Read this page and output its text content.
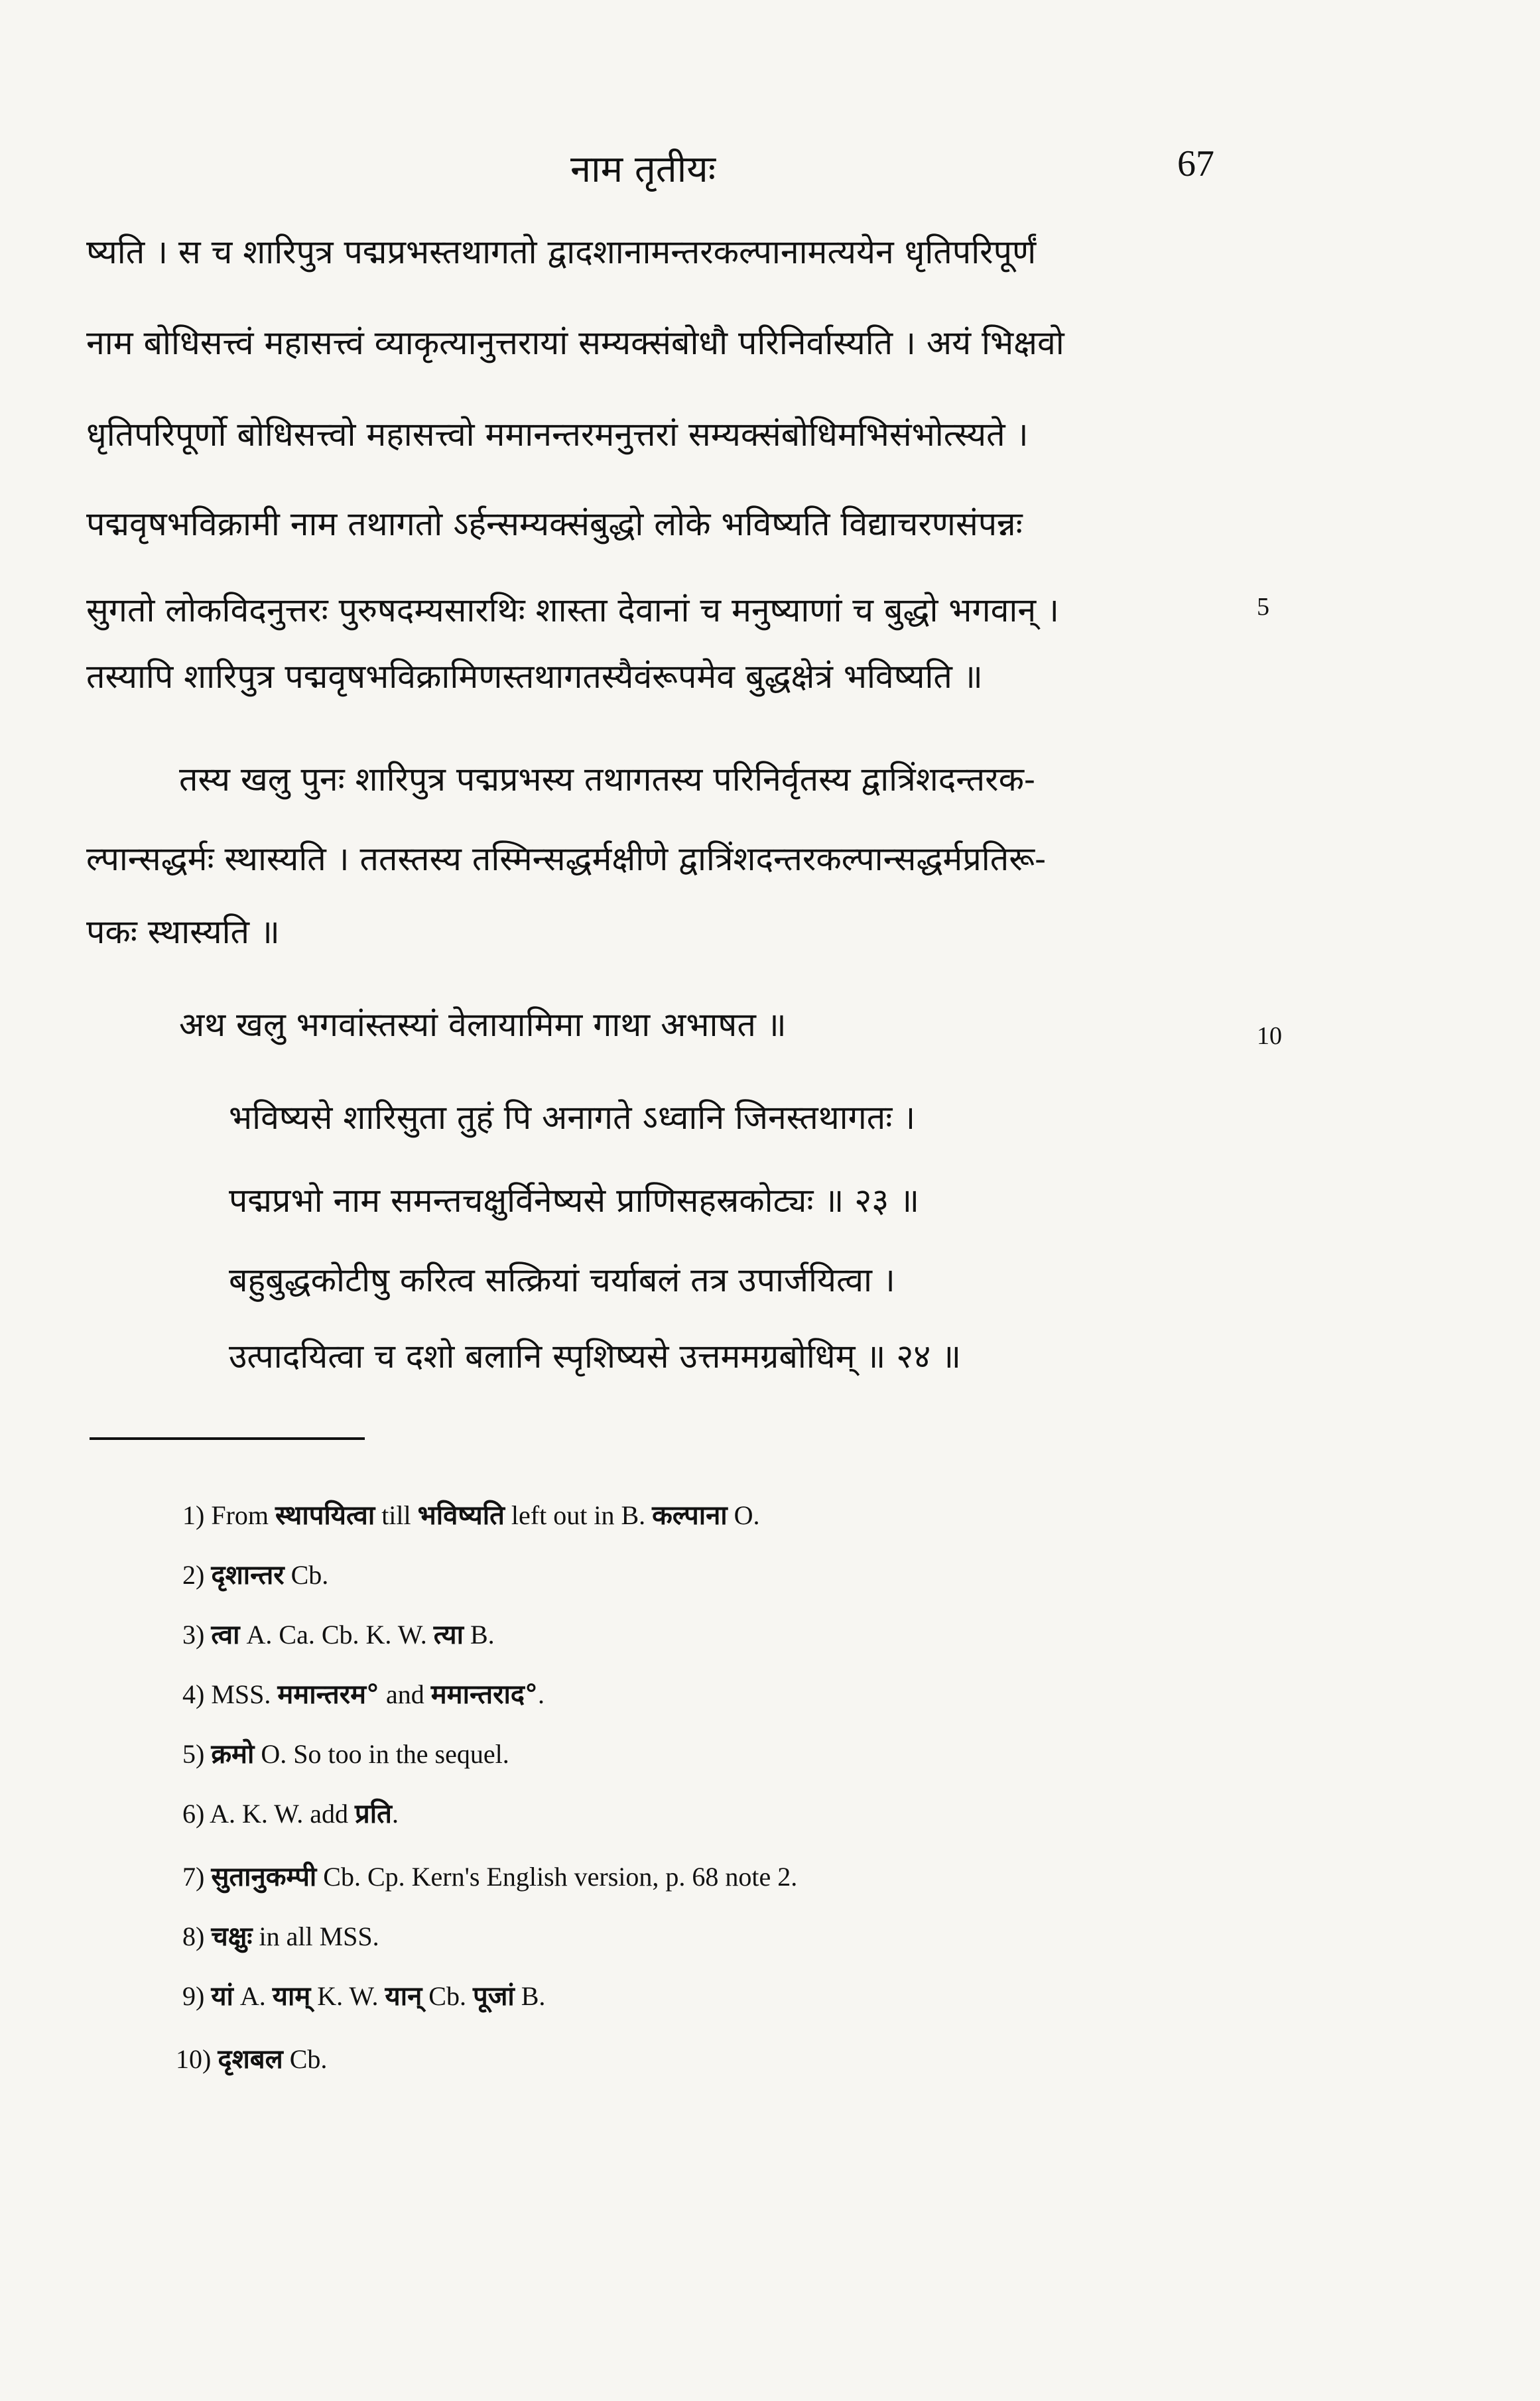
नाम तृतीयः	67
ष्यति । स च शारिपुत्र पद्मप्रभस्तथागतो द्वादशानामन्तरकल्पानामत्ययेन धृतिपरिपूर्णं
नाम बोधिसत्त्वं महासत्त्वं व्याकृत्यानुत्तरायां सम्यक्संबोधौ परिनिर्वास्यति । अयं भिक्षवो
धृतिपरिपूर्णो बोधिसत्त्वो महासत्त्वो ममानन्तरमनुत्तरां सम्यक्संबोधिमभिसंभोत्स्यते ।
पद्मवृषभविक्रामी नाम तथागतो ऽर्हन्सम्यक्संबुद्धो लोके भविष्यति विद्याचरणसंपन्नः
सुगतो लोकविदनुत्तरः पुरुषदम्यसारथिः शास्ता देवानां च मनुष्याणां च बुद्धो भगवान् ।	5
तस्यापि शारिपुत्र पद्मवृषभविक्रामिणस्तथागतस्यैवंरूपमेव बुद्धक्षेत्रं भविष्यति ॥
तस्य खलु पुनः शारिपुत्र पद्मप्रभस्य तथागतस्य परिनिर्वृतस्य द्वात्रिंशदन्तरक-
ल्पान्सद्धर्मः स्थास्यति । ततस्तस्य तस्मिन्सद्धर्मक्षीणे द्वात्रिंशदन्तरकल्पान्सद्धर्मप्रतिरू-
पकः स्थास्यति ॥
अथ खलु भगवांस्तस्यां वेलायामिमा गाथा अभाषत ॥	10
भविष्यसे शारिसुता तुहं पि अनागते ऽध्वानि जिनस्तथागतः ।
पद्मप्रभो नाम समन्तचक्षुर्विनेष्यसे प्राणिसहस्रकोट्यः ॥ २३ ॥
बहुबुद्धकोटीषु करित्व सत्क्रियां चर्याबलं तत्र उपार्जयित्वा ।
उत्पादयित्वा च दशो बलानि स्पृशिष्यसे उत्तममग्रबोधिम् ॥ २४ ॥
1) From स्थापयित्वा till भविष्यति left out in B. कल्पाना O.
2) दृशान्तर Cb.
3) त्वा A. Ca. Cb. K. W. त्या B.
4) MSS. ममान्तरम° and ममान्तराद°.
5) क्रमो O. So too in the sequel.
6) A. K. W. add प्रति.
7) सुतानुकम्पी Cb. Cp. Kern's English version, p. 68 note 2.
8) चक्षुः in all MSS.
9) यां A. याम् K. W. यान् Cb. पूजां B.
10) दृशबल Cb.
